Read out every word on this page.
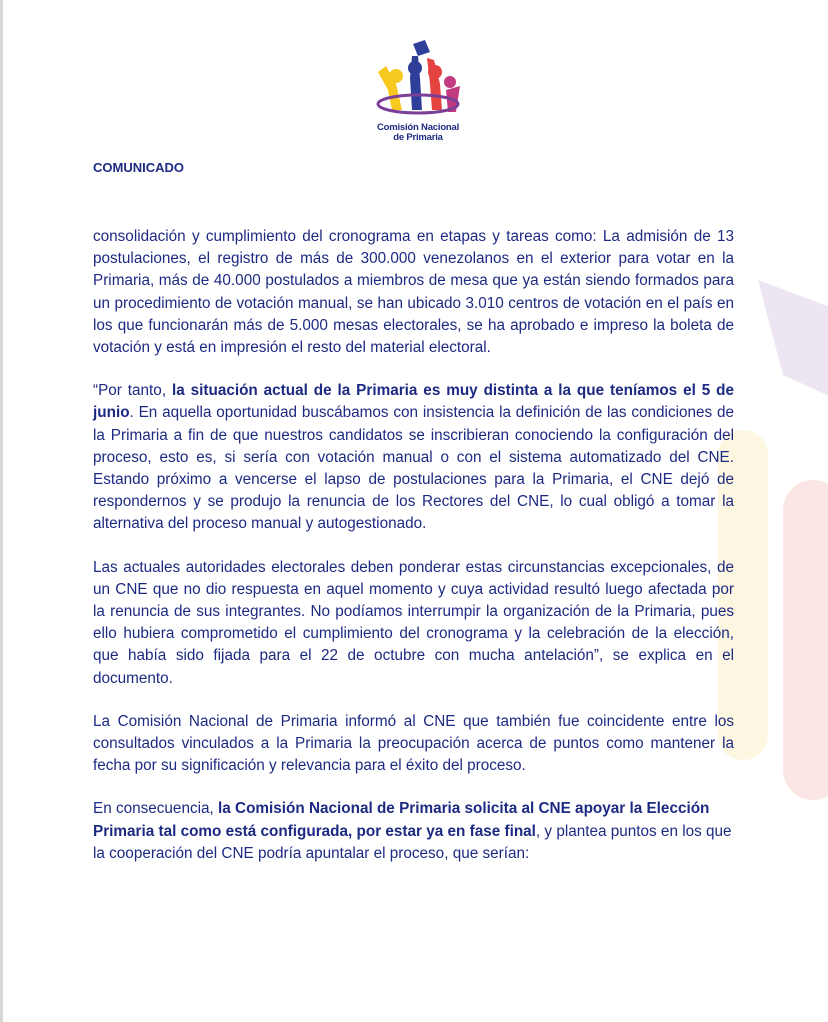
Comisión Nacional
de Primaria
COMUNICADO

consolidación y cumplimiento del cronograma en etapas y tareas como: La admisión de 13 postulaciones, el registro de más de 300.000 venezolanos en el exterior para votar en la Primaria, más de 40.000 postulados a miembros de mesa que ya están siendo formados para un procedimiento de votación manual, se han ubicado 3.010 centros de votación en el país en los que funcionarán más de 5.000 mesas electorales, se ha aprobado e impreso la boleta de votación y está en impresión el resto del material electoral.

“Por tanto, la situación actual de la Primaria es muy distinta a la que teníamos el 5 de junio. En aquella oportunidad buscábamos con insistencia la definición de las condiciones de la Primaria a fin de que nuestros candidatos se inscribieran conociendo la configuración del proceso, esto es, si sería con votación manual o con el sistema automatizado del CNE. Estando próximo a vencerse el lapso de postulaciones para la Primaria, el CNE dejó de respondernos y se produjo la renuncia de los Rectores del CNE, lo cual obligó a tomar la alternativa del proceso manual y autogestionado.

Las actuales autoridades electorales deben ponderar estas circunstancias excepcionales, de un CNE que no dio respuesta en aquel momento y cuya actividad resultó luego afectada por la renuncia de sus integrantes. No podíamos interrumpir la organización de la Primaria, pues ello hubiera comprometido el cumplimiento del cronograma y la celebración de la elección, que había sido fijada para el 22 de octubre con mucha antelación”, se explica en el documento.

La Comisión Nacional de Primaria informó al CNE que también fue coincidente entre los consultados vinculados a la Primaria la preocupación acerca de puntos como mantener la fecha por su significación y relevancia para el éxito del proceso.

En consecuencia, la Comisión Nacional de Primaria solicita al CNE apoyar la Elección Primaria tal como está configurada, por estar ya en fase final, y plantea puntos en los que la cooperación del CNE podría apuntalar el proceso, que serían:
